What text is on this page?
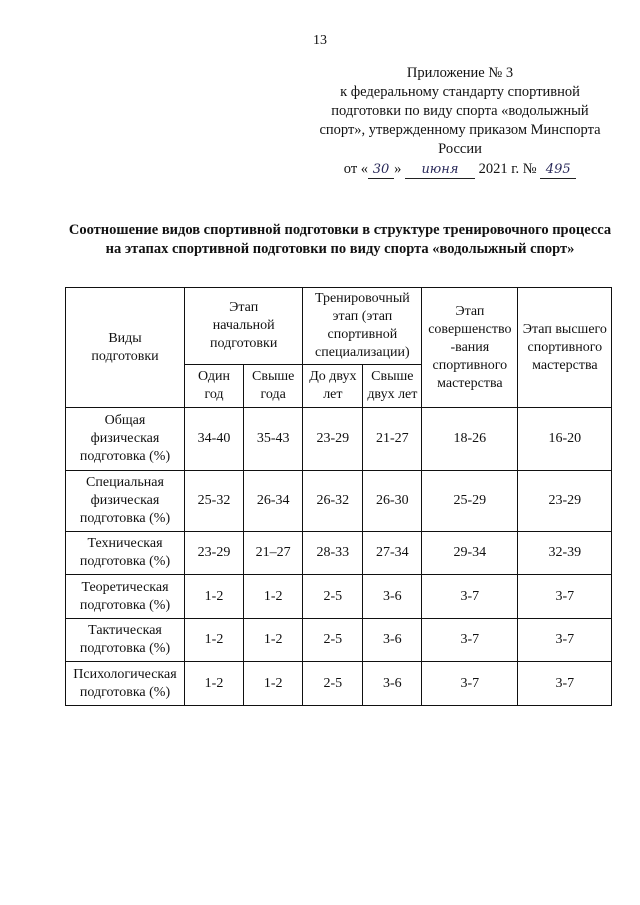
13
Приложение № 3
к федеральному стандарту спортивной
подготовки по виду спорта «водолыжный
спорт», утвержденному приказом Минспорта
России
от « 30 » июня 2021 г. № 495
Соотношение видов спортивной подготовки в структуре тренировочного процесса на этапах спортивной подготовки по виду спорта «водолыжный спорт»
Виды подготовки	Этап начальной подготовки		Тренировочный этап (этап спортивной специализации)		Этап совершенство -вания спортивного мастерства	Этап высшего спортивного мастерства

	Один год	Свыше года	До двух лет	Свыше двух лет		

Общая физическая подготовка (%)	34-40	35-43	23-29	21-27	18-26	16-20

Специальная физическая подготовка (%)	25-32	26-34	26-32	26-30	25-29	23-29

Техническая подготовка (%)	23-29	21–27	28-33	27-34	29-34	32-39

Теоретическая подготовка (%)	1-2	1-2	2-5	3-6	3-7	3-7

Тактическая подготовка (%)	1-2	1-2	2-5	3-6	3-7	3-7

Психологическая подготовка (%)	1-2	1-2	2-5	3-6	3-7	3-7
